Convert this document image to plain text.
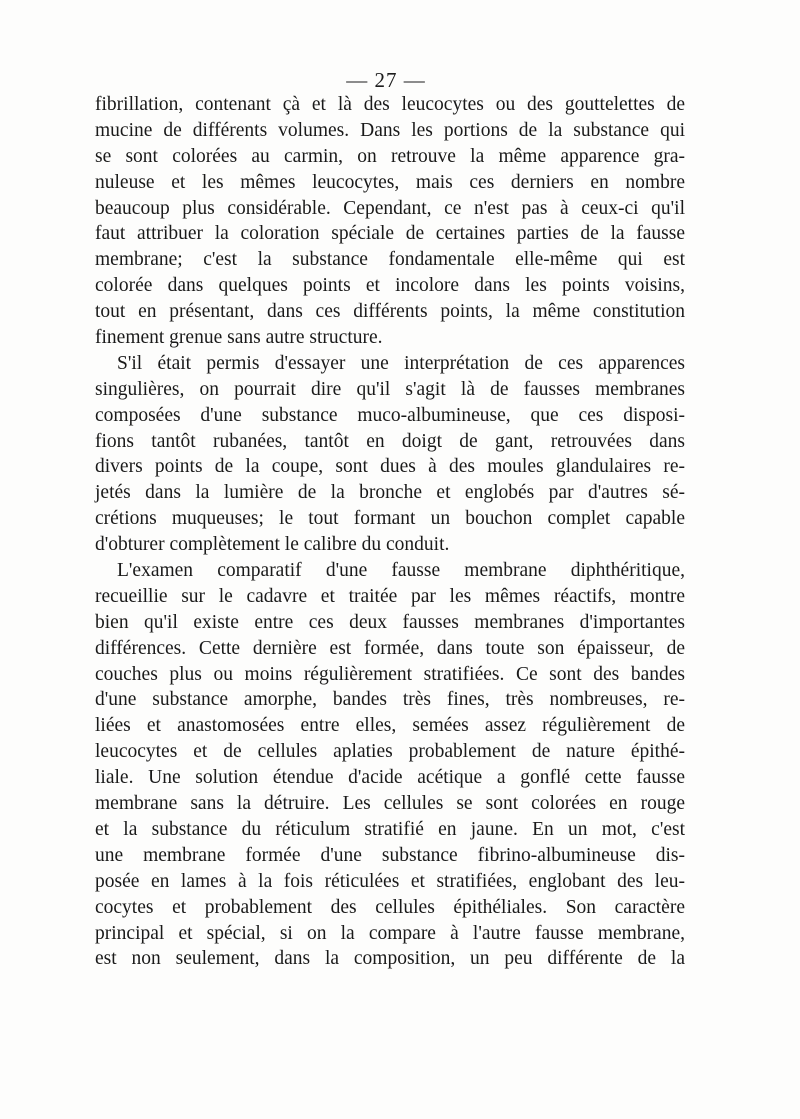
— 27 —
fibrillation, contenant çà et là des leucocytes ou des gouttelettes de
mucine de différents volumes. Dans les portions de la substance qui
se sont colorées au carmin, on retrouve la même apparence gra-
nuleuse et les mêmes leucocytes, mais ces derniers en nombre
beaucoup plus considérable. Cependant, ce n'est pas à ceux-ci qu'il
faut attribuer la coloration spéciale de certaines parties de la fausse
membrane; c'est la substance fondamentale elle-même qui est
colorée dans quelques points et incolore dans les points voisins,
tout en présentant, dans ces différents points, la même constitution
finement grenue sans autre structure.
S'il était permis d'essayer une interprétation de ces apparences
singulières, on pourrait dire qu'il s'agit là de fausses membranes
composées d'une substance muco-albumineuse, que ces disposi-
fions tantôt rubanées, tantôt en doigt de gant, retrouvées dans
divers points de la coupe, sont dues à des moules glandulaires re-
jetés dans la lumière de la bronche et englobés par d'autres sé-
crétions muqueuses; le tout formant un bouchon complet capable
d'obturer complètement le calibre du conduit.
L'examen comparatif d'une fausse membrane diphthéritique,
recueillie sur le cadavre et traitée par les mêmes réactifs, montre
bien qu'il existe entre ces deux fausses membranes d'importantes
différences. Cette dernière est formée, dans toute son épaisseur, de
couches plus ou moins régulièrement stratifiées. Ce sont des bandes
d'une substance amorphe, bandes très fines, très nombreuses, re-
liées et anastomosées entre elles, semées assez régulièrement de
leucocytes et de cellules aplaties probablement de nature épithé-
liale. Une solution étendue d'acide acétique a gonflé cette fausse
membrane sans la détruire. Les cellules se sont colorées en rouge
et la substance du réticulum stratifié en jaune. En un mot, c'est
une membrane formée d'une substance fibrino-albumineuse dis-
posée en lames à la fois réticulées et stratifiées, englobant des leu-
cocytes et probablement des cellules épithéliales. Son caractère
principal et spécial, si on la compare à l'autre fausse membrane,
est non seulement, dans la composition, un peu différente de la
